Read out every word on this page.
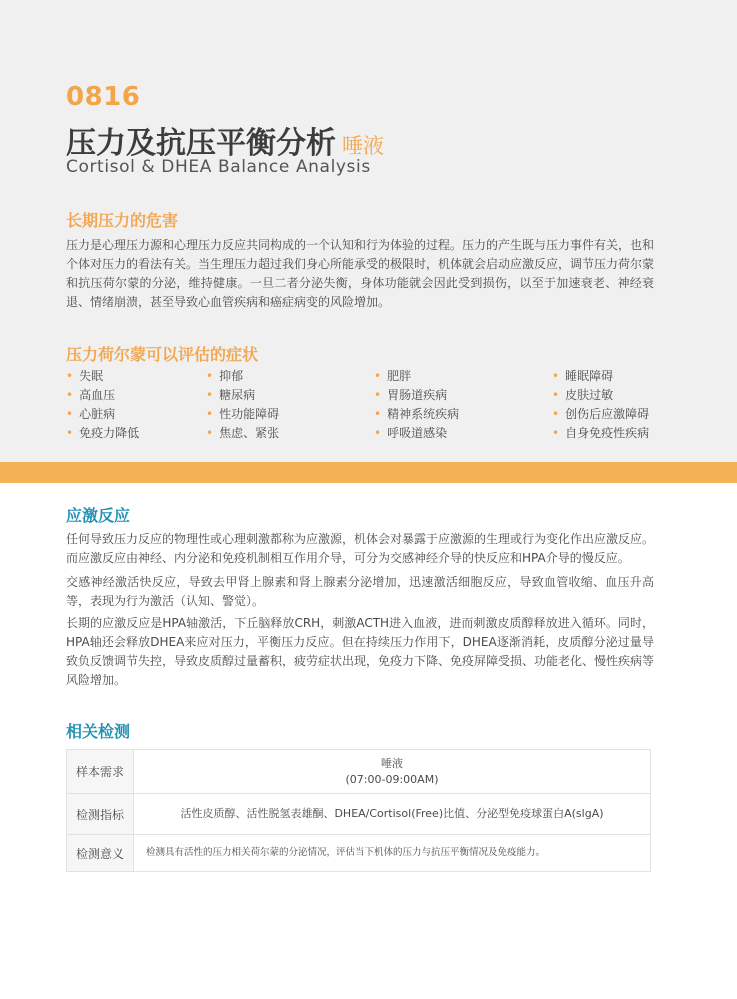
0816
压力及抗压平衡分析 唾液
Cortisol & DHEA Balance Analysis
长期压力的危害

压力是心理压力源和心理压力反应共同构成的一个认知和行为体验的过程。压力的产生既与压力事件有关，也和个体对压力的看法有关。当生理压力超过我们身心所能承受的极限时，机体就会启动应激反应，调节压力荷尔蒙和抗压荷尔蒙的分泌，维持健康。一旦二者分泌失衡，身体功能就会因此受到损伤，以至于加速衰老、神经衰退、情绪崩溃，甚至导致心血管疾病和癌症病变的风险增加。

压力荷尔蒙可以评估的症状
• 失眠
• 高血压
• 心脏病
• 免疫力降低
• 抑郁
• 糖尿病
• 性功能障碍
• 焦虑、紧张
• 肥胖
• 胃肠道疾病
• 精神系统疾病
• 呼吸道感染
• 睡眠障碍
• 皮肤过敏
• 创伤后应激障碍
• 自身免疫性疾病
应激反应

任何导致压力反应的物理性或心理刺激都称为应激源，机体会对暴露于应激源的生理或行为变化作出应激反应。而应激反应由神经、内分泌和免疫机制相互作用介导，可分为交感神经介导的快反应和HPA介导的慢反应。

交感神经激活快反应，导致去甲肾上腺素和肾上腺素分泌增加，迅速激活细胞反应，导致血管收缩、血压升高等，表现为行为激活（认知、警觉）。

长期的应激反应是HPA轴激活，下丘脑释放CRH，刺激ACTH进入血液，进而刺激皮质醇释放进入循环。同时，HPA轴还会释放DHEA来应对压力，平衡压力反应。但在持续压力作用下，DHEA逐渐消耗，皮质醇分泌过量导致负反馈调节失控，导致皮质醇过量蓄积，疲劳症状出现，免疫力下降、免疫屏障受损、功能老化、慢性疾病等风险增加。

相关检测
样本需求	唾液
(07:00-09:00AM)

检测指标	活性皮质醇、活性脱氢表雄酮、DHEA/Cortisol(Free)比值、分泌型免疫球蛋白A(slgA)
检测意义	检测具有活性的压力相关荷尔蒙的分泌情况，评估当下机体的压力与抗压平衡情况及免疫能力。
